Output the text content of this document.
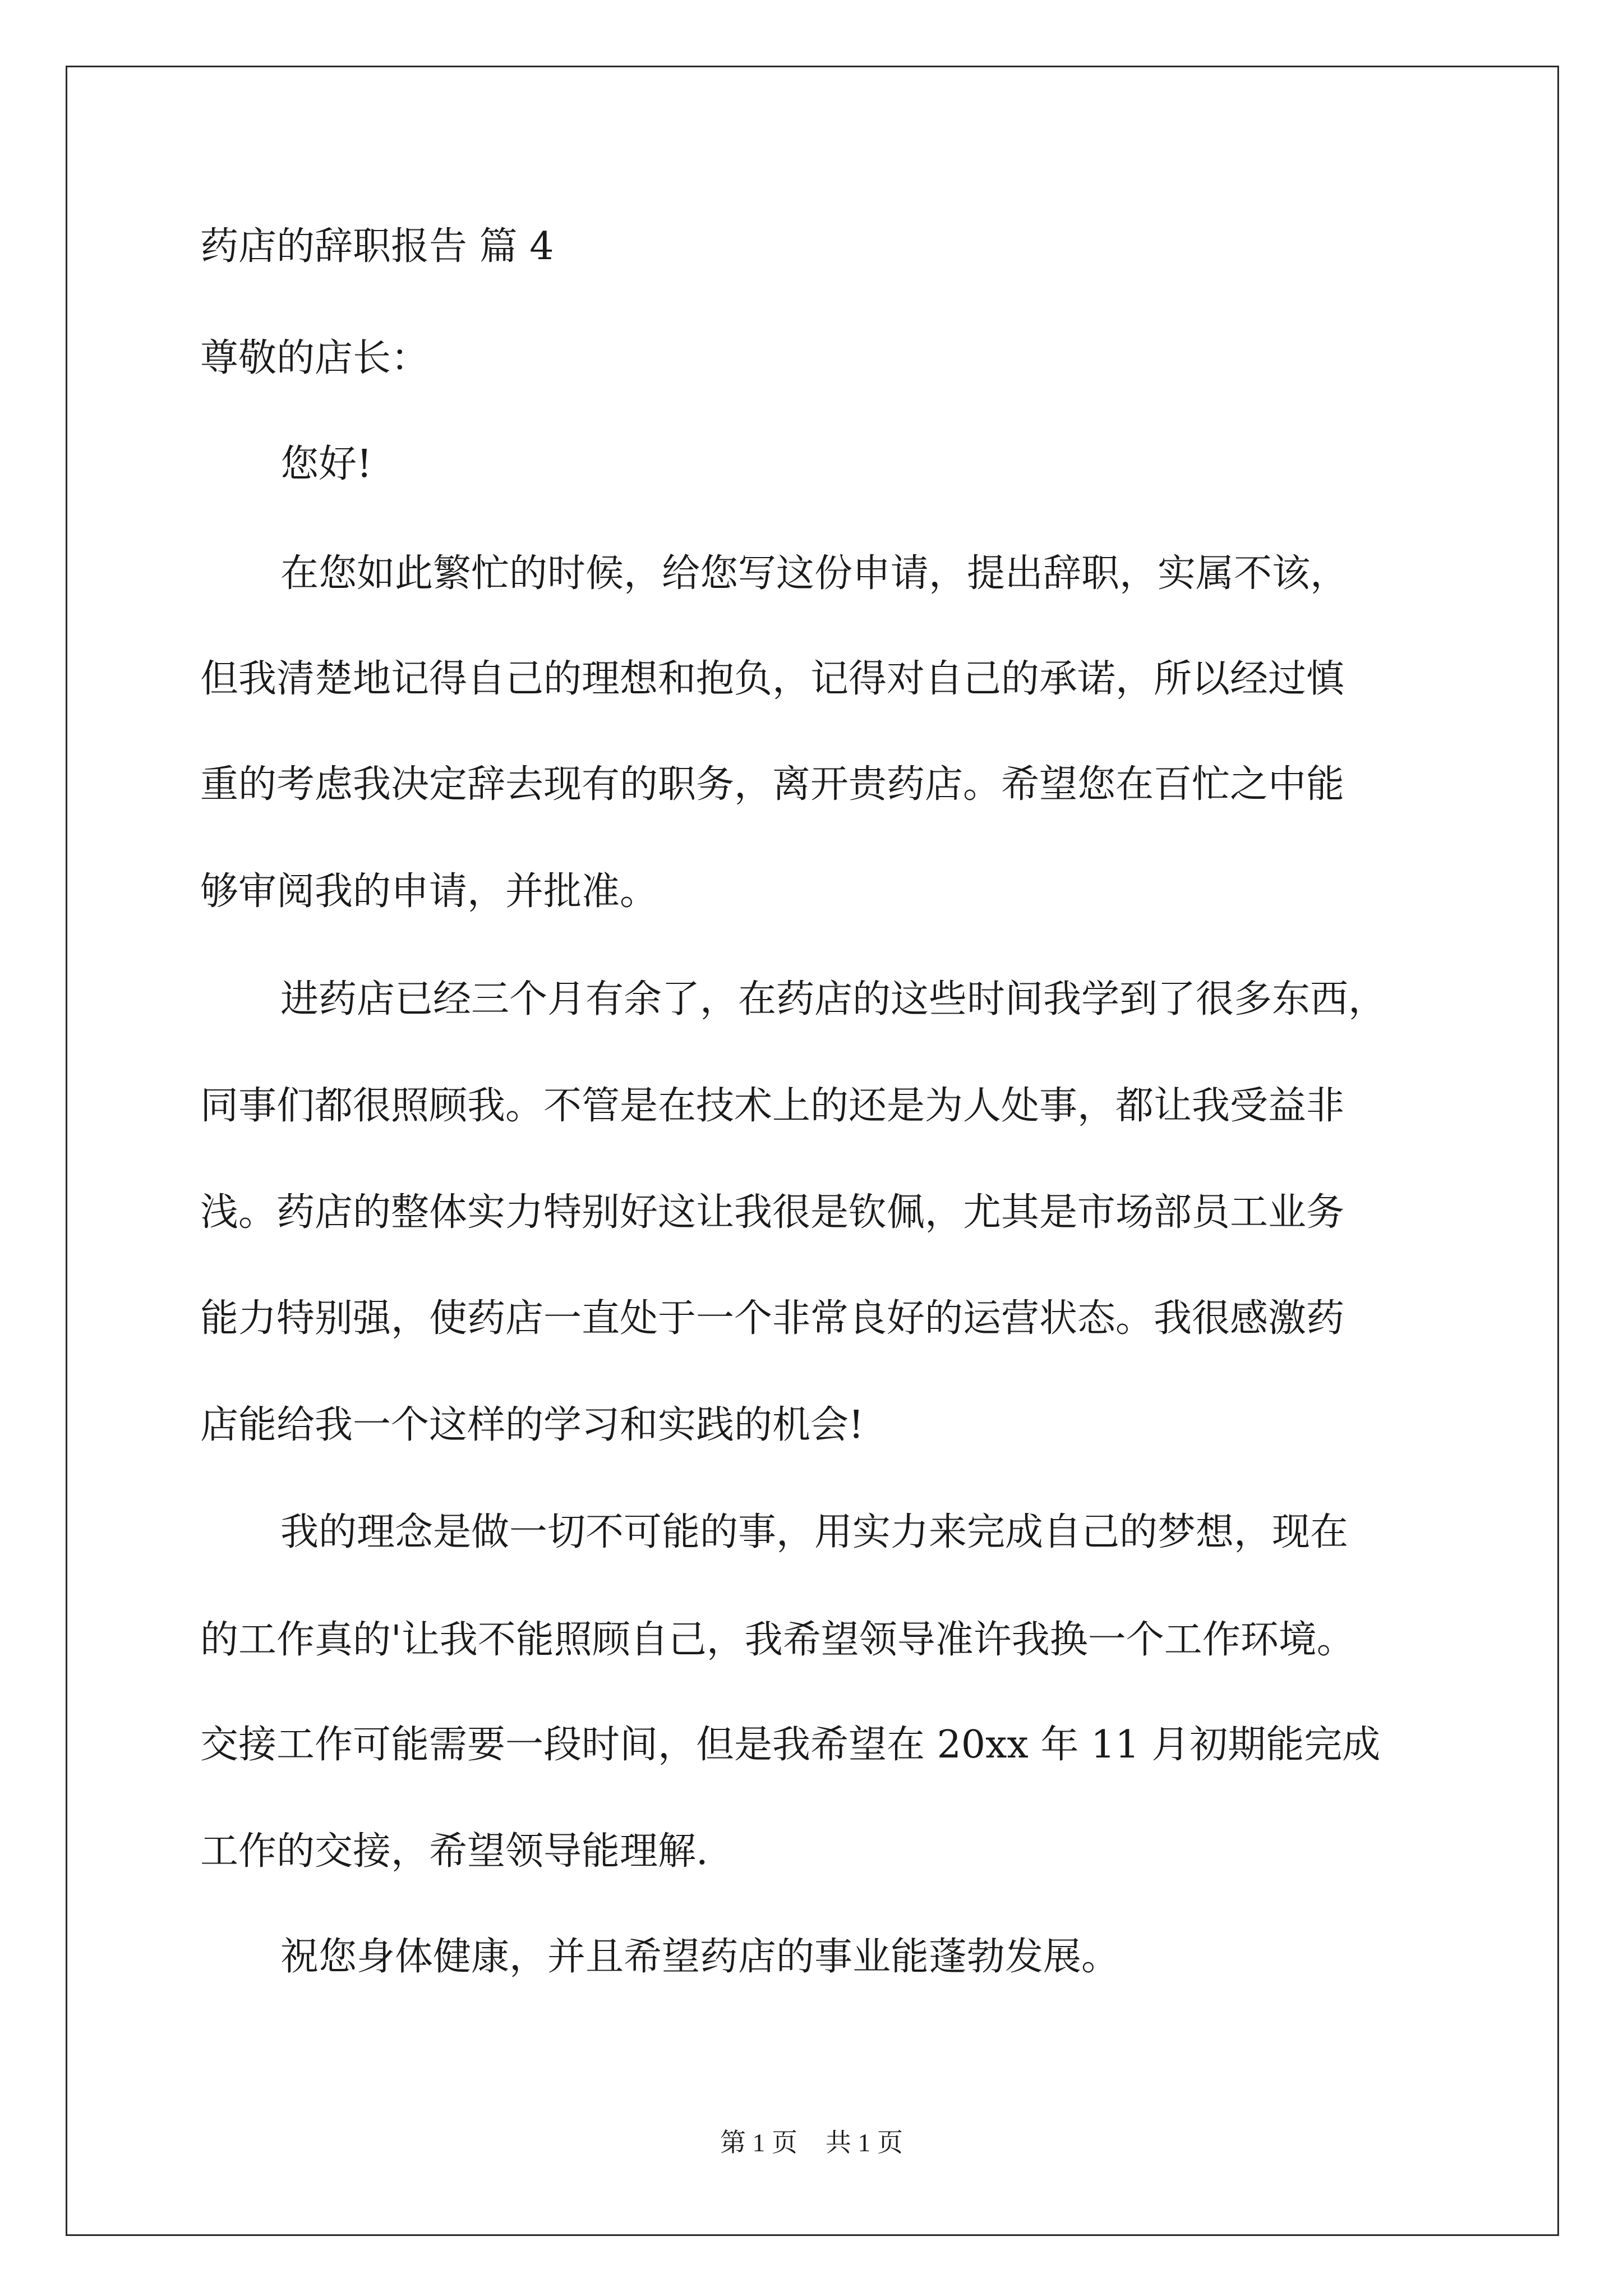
药店的辞职报告 篇 4
尊敬的店长：
您好!
在您如此繁忙的时候，给您写这份申请，提出辞职，实属不该，
但我清楚地记得自己的理想和抱负，记得对自己的承诺，所以经过慎
重的考虑我决定辞去现有的职务，离开贵药店。希望您在百忙之中能
够审阅我的申请，并批准。
进药店已经三个月有余了，在药店的这些时间我学到了很多东西，
同事们都很照顾我。不管是在技术上的还是为人处事，都让我受益非
浅。药店的整体实力特别好这让我很是钦佩，尤其是市场部员工业务
能力特别强，使药店一直处于一个非常良好的运营状态。我很感激药
店能给我一个这样的学习和实践的机会!
我的理念是做一切不可能的事，用实力来完成自己的梦想，现在
的工作真的'让我不能照顾自己，我希望领导准许我换一个工作环境。
交接工作可能需要一段时间，但是我希望在 20xx 年 11 月初期能完成
工作的交接，希望领导能理解.
祝您身体健康，并且希望药店的事业能蓬勃发展。
第 1 页 共 1 页
